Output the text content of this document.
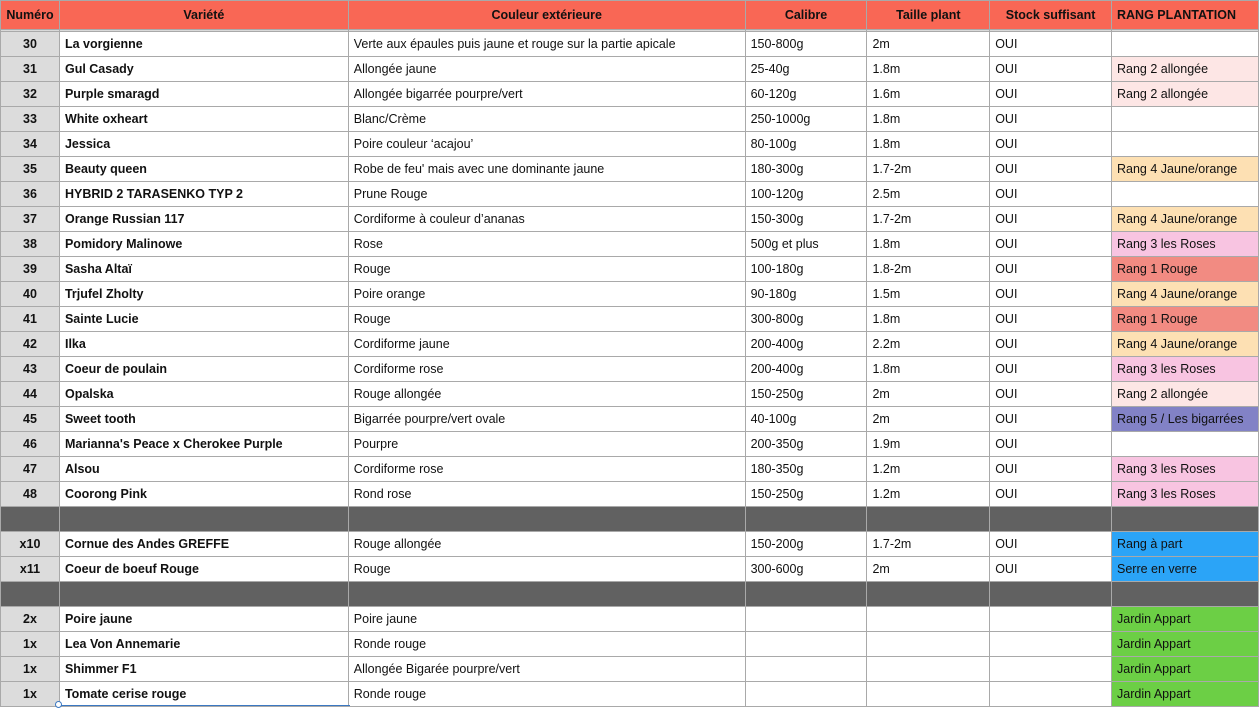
Numéro	Variété	Couleur extérieure	Calibre	Taille plant	Stock suffisant	RANG PLANTATION

30	La vorgienne	Verte aux épaules puis jaune et rouge sur la partie apicale	150-800g	2m	OUI	
31	Gul Casady	Allongée jaune	25-40g	1.8m	OUI	Rang 2 allongée
32	Purple smaragd	Allongée bigarrée pourpre/vert	60-120g	1.6m	OUI	Rang 2 allongée
33	White oxheart	Blanc/Crème	250-1000g	1.8m	OUI	
34	Jessica	Poire couleur ‘acajou’	80-100g	1.8m	OUI	
35	Beauty queen	Robe de feu' mais avec une dominante jaune	180-300g	1.7-2m	OUI	Rang 4 Jaune/orange
36	HYBRID 2 TARASENKO TYP 2	Prune Rouge	100-120g	2.5m	OUI	
37	Orange Russian 117	Cordiforme à couleur d’ananas	150-300g	1.7-2m	OUI	Rang 4 Jaune/orange
38	Pomidory Malinowe	Rose	500g et plus	1.8m	OUI	Rang 3 les Roses
39	Sasha Altaï	Rouge	100-180g	1.8-2m	OUI	Rang 1 Rouge
40	Trjufel Zholty	Poire orange	90-180g	1.5m	OUI	Rang 4 Jaune/orange
41	Sainte Lucie	Rouge	300-800g	1.8m	OUI	Rang 1 Rouge
42	Ilka	Cordiforme jaune	200-400g	2.2m	OUI	Rang 4 Jaune/orange
43	Coeur de poulain	Cordiforme rose	200-400g	1.8m	OUI	Rang 3 les Roses
44	Opalska	Rouge allongée	150-250g	2m	OUI	Rang 2 allongée
45	Sweet tooth	Bigarrée pourpre/vert ovale	40-100g	2m	OUI	Rang 5 / Les bigarrées
46	Marianna's Peace x Cherokee Purple	Pourpre	200-350g	1.9m	OUI	
47	Alsou	Cordiforme rose	180-350g	1.2m	OUI	Rang 3 les Roses
48	Coorong Pink	Rond rose	150-250g	1.2m	OUI	Rang 3 les Roses

x10	Cornue des Andes GREFFE	Rouge allongée	150-200g	1.7-2m	OUI	Rang à part
x11	Coeur de boeuf Rouge	Rouge	300-600g	2m	OUI	Serre en verre

2x	Poire jaune	Poire jaune				Jardin Appart
1x	Lea Von Annemarie	Ronde rouge				Jardin Appart
1x	Shimmer F1	Allongée Bigarée pourpre/vert				Jardin Appart
1x	Tomate cerise rouge	Ronde rouge				Jardin Appart
